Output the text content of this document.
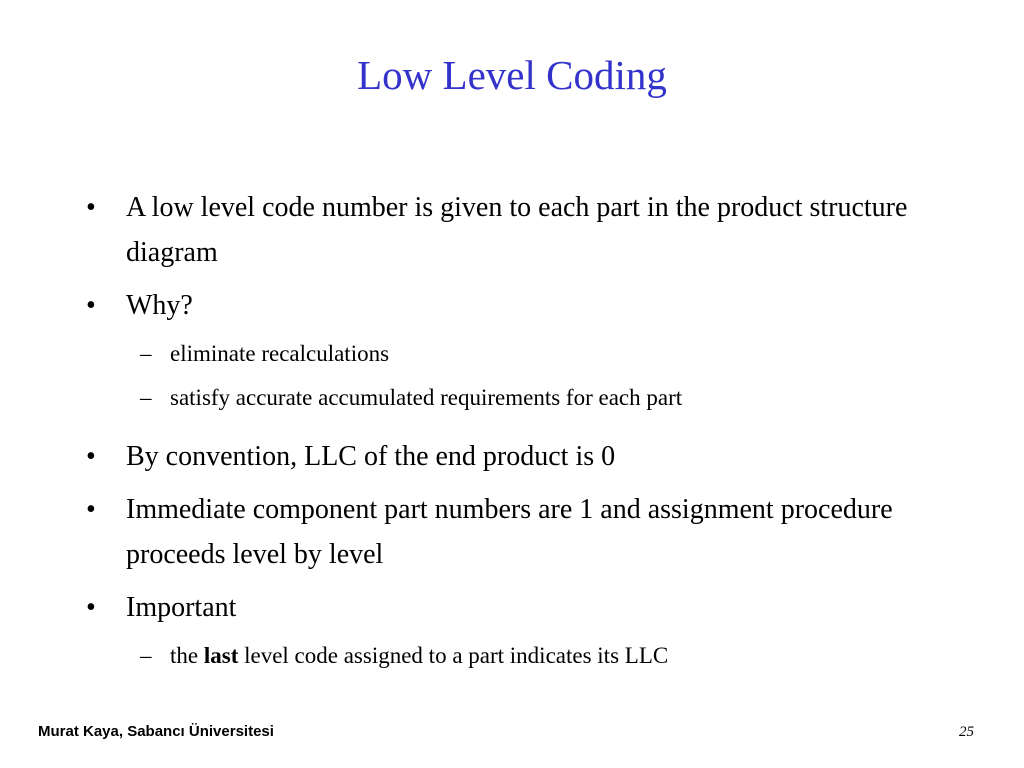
Low Level Coding
• A low level code number is given to each part in the product structure diagram
• Why?
– eliminate recalculations
– satisfy accurate accumulated requirements for each part
• By convention, LLC of the end product is 0
• Immediate component part numbers are 1 and assignment procedure proceeds level by level
• Important
– the last level code assigned to a part indicates its LLC
Murat Kaya, Sabancı Üniversitesi	25
